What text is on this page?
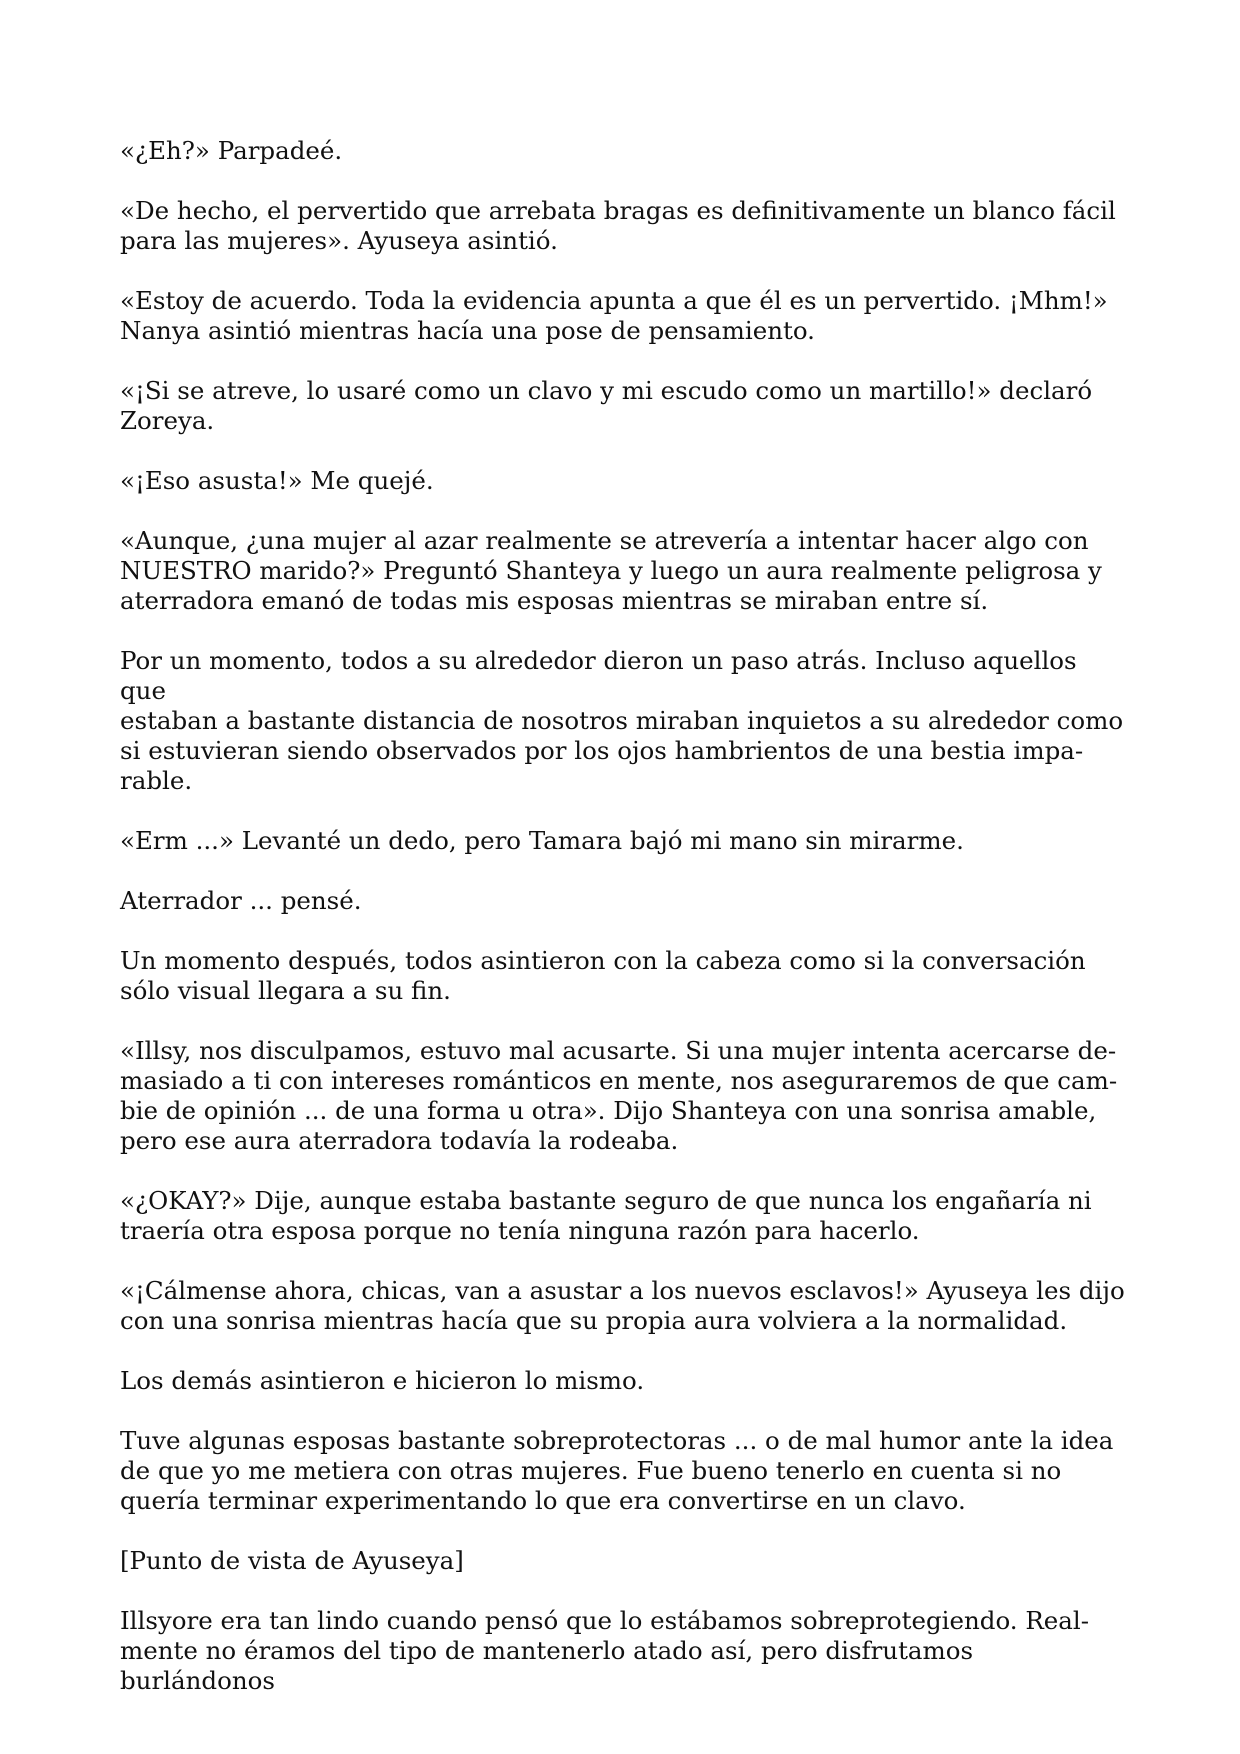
«¿Eh?» Parpadeé.

«De hecho, el pervertido que arrebata bragas es definitivamente un blanco fácil
para las mujeres». Ayuseya asintió.

«Estoy de acuerdo. Toda la evidencia apunta a que él es un pervertido. ¡Mhm!»
Nanya asintió mientras hacía una pose de pensamiento.

«¡Si se atreve, lo usaré como un clavo y mi escudo como un martillo!» declaró
Zoreya.

«¡Eso asusta!» Me quejé.

«Aunque, ¿una mujer al azar realmente se atrevería a intentar hacer algo con
NUESTRO marido?» Preguntó Shanteya y luego un aura realmente peligrosa y
aterradora emanó de todas mis esposas mientras se miraban entre sí.

Por un momento, todos a su alrededor dieron un paso atrás. Incluso aquellos que
estaban a bastante distancia de nosotros miraban inquietos a su alrededor como
si estuvieran siendo observados por los ojos hambrientos de una bestia impa-
rable.

«Erm ...» Levanté un dedo, pero Tamara bajó mi mano sin mirarme.

Aterrador ... pensé.

Un momento después, todos asintieron con la cabeza como si la conversación
sólo visual llegara a su fin.

«Illsy, nos disculpamos, estuvo mal acusarte. Si una mujer intenta acercarse de-
masiado a ti con intereses románticos en mente, nos aseguraremos de que cam-
bie de opinión ... de una forma u otra». Dijo Shanteya con una sonrisa amable,
pero ese aura aterradora todavía la rodeaba.

«¿OKAY?» Dije, aunque estaba bastante seguro de que nunca los engañaría ni
traería otra esposa porque no tenía ninguna razón para hacerlo.

«¡Cálmense ahora, chicas, van a asustar a los nuevos esclavos!» Ayuseya les dijo
con una sonrisa mientras hacía que su propia aura volviera a la normalidad.

Los demás asintieron e hicieron lo mismo.

Tuve algunas esposas bastante sobreprotectoras ... o de mal humor ante la idea
de que yo me metiera con otras mujeres. Fue bueno tenerlo en cuenta si no
quería terminar experimentando lo que era convertirse en un clavo.

[Punto de vista de Ayuseya]

Illsyore era tan lindo cuando pensó que lo estábamos sobreprotegiendo. Real-
mente no éramos del tipo de mantenerlo atado así, pero disfrutamos burlándonos
